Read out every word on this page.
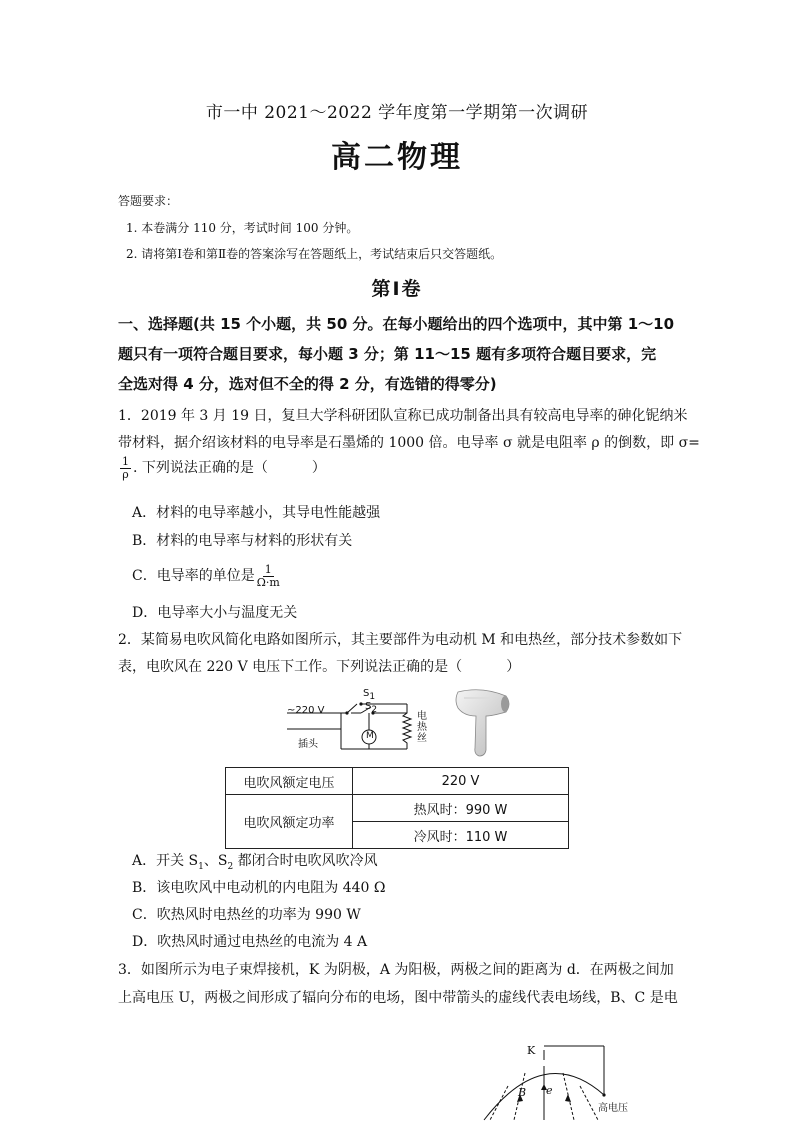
市一中 2021～2022 学年度第一学期第一次调研
高二物理
答题要求：
1. 本卷满分 110 分，考试时间 100 分钟。
2. 请将第Ⅰ卷和第Ⅱ卷的答案涂写在答题纸上，考试结束后只交答题纸。
第Ⅰ卷
一、选择题(共 15 个小题，共 50 分。在每小题给出的四个选项中，其中第 1～10
题只有一项符合题目要求，每小题 3 分；第 11～15 题有多项符合题目要求，完
全选对得 4 分，选对但不全的得 2 分，有选错的得零分)
1．2019 年 3 月 19 日，复旦大学科研团队宣称已成功制备出具有较高电导率的砷化铌纳米
带材料，据介绍该材料的电导率是石墨烯的 1000 倍。电导率 σ 就是电阻率 ρ 的倒数，即 σ=
$\frac{1}{\rho}$ . 下列说法正确的是（	）
A．材料的电导率越小，其导电性能越强
B．材料的电导率与材料的形状有关
C．电导率的单位是 $\frac{1}{\Omega\cdot m}$
D．电导率大小与温度无关
2．某简易电吹风简化电路如图所示，其主要部件为电动机 M 和电热丝，部分技术参数如下
表，电吹风在 220 V 电压下工作。下列说法正确的是（	）
~220 V
$S_1$
$S_2$
M
电
热
丝
插头
电吹风额定电压	220 V
电吹风额定功率	热风时：990 W
	冷风时：110 W
A．开关 $S_1$、$S_2$ 都闭合时电吹风吹冷风
B．该电吹风中电动机的内电阻为 440 Ω
C．吹热风时电热丝的功率为 990 W
D．吹热风时通过电热丝的电流为 4 A
3．如图所示为电子束焊接机，K 为阴极，A 为阳极，两极之间的距离为 d．在两极之间加
上高电压 U，两极之间形成了辐向分布的电场，图中带箭头的虚线代表电场线，B、C 是电
K
B e
高电压
